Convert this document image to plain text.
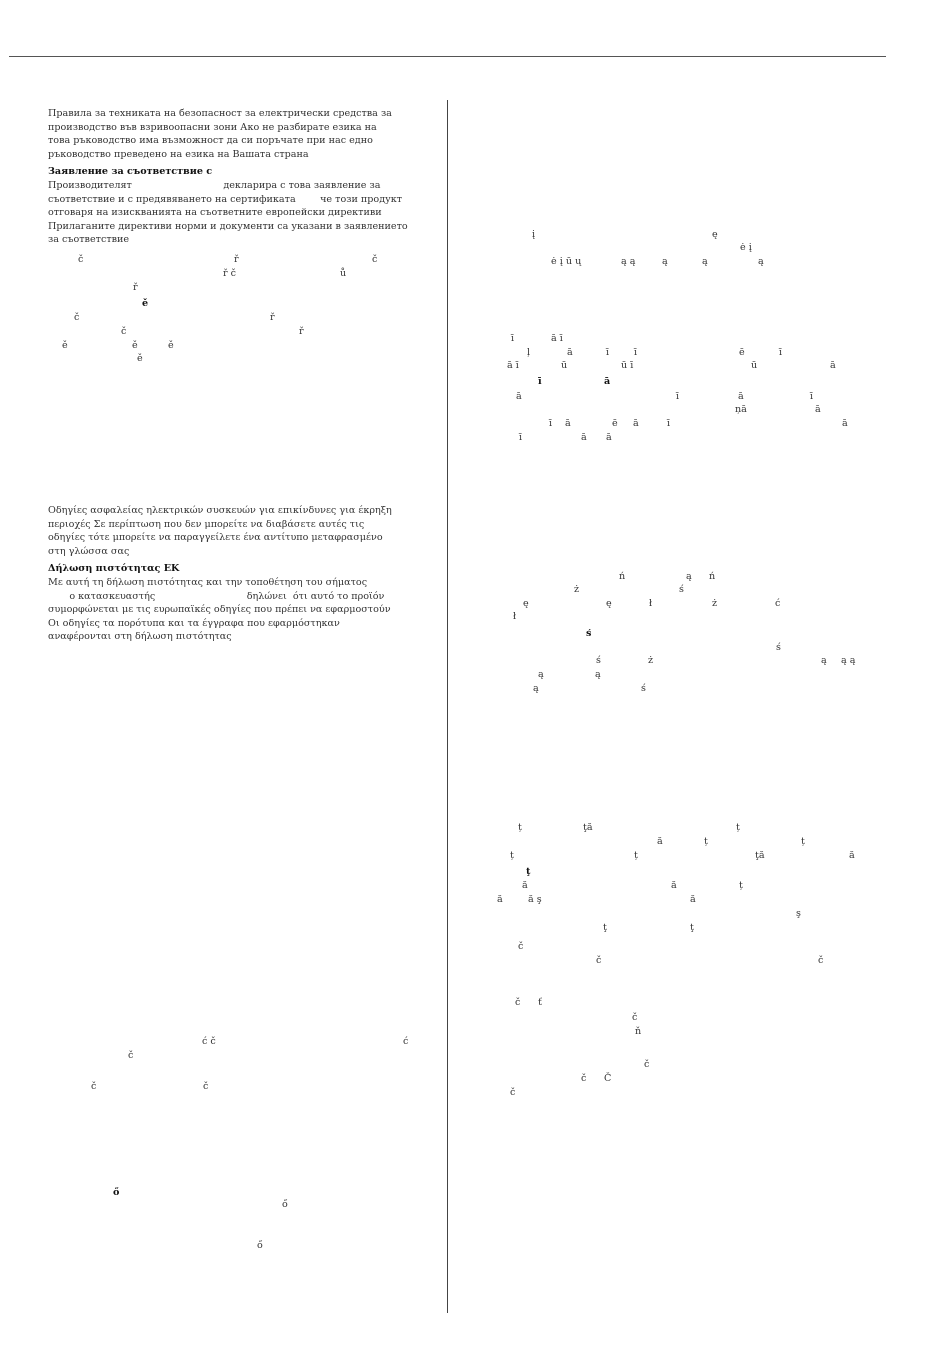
Правила за техниката на безопасност за електрически средства за

производство във взривоопасни зони Ако не разбирате езика на

това ръководство има възможност да си поръчате при нас едно

ръководство преведено на езика на Вашата страна

Заявление за съответствие с

Производителят                              декларира с това заявление за

съответствие и с предявяването на сертификата        че този продукт

отговаря на изискванията на съответните европейски директиви

Прилаганите директиви норми и документи са указани в заявлението

за съответствие

Οδηγίες ασφαλείας ηλεκτρικών συσκευών για επικίνδυνες για έκρηξη

περιοχές Σε περίπτωση που δεν μπορείτε να διαβάσετε αυτές τις

οδηγίες τότε μπορείτε να παραγγείλετε ένα αντίτυπο μεταφρασμένο

στη γλώσσα σας

Δήλωση πιστότητας ΕΚ

Με αυτή τη δήλωση πιστότητας και την τοποθέτηση του σήματος

ο κατασκευαστής                              δηλώνει  ότι αυτό το προϊόν

συμορφώνεται με τις ευρωπαϊκές οδηγίες που πρέπει να εφαρμοστούν

Οι οδηγίες τα πορότυπα και τα έγγραφα που εφαρμόστηκαν

αναφέρονται στη δήλωση πιστότητας

č	ř	č
ř č	ů
ř
ě
č	ř
č	ř
ě	ě	ě
ě
ć č	ć
č
č	č
ő
ő
ő
į	ę
ė į
ė į ū ų	ą ą	ą	ą	ą
ī	ā ī
ļ	ā	ī	ī	ē	ī
ā ī	ū	ū ī	ū	ā
ī	ā
ā	ī	ā	ī
ņā	ā
ī ā	ē ā	ī	ā
ī	ā ā
ń	ą ń
ż	ś
ę	ę	ł	ż	ć
ł
ś
ś
ś	ż	ą ą ą
ą	ą
ą	ś
ț	ţă	ț
ă	ț	ț
ț	ț	ţă	ă
ţ
ă	ă	ț
ă	ă ş	ă
ş
ţ	ţ
č
č	č
č ť
č
ň
č
č Č
č
